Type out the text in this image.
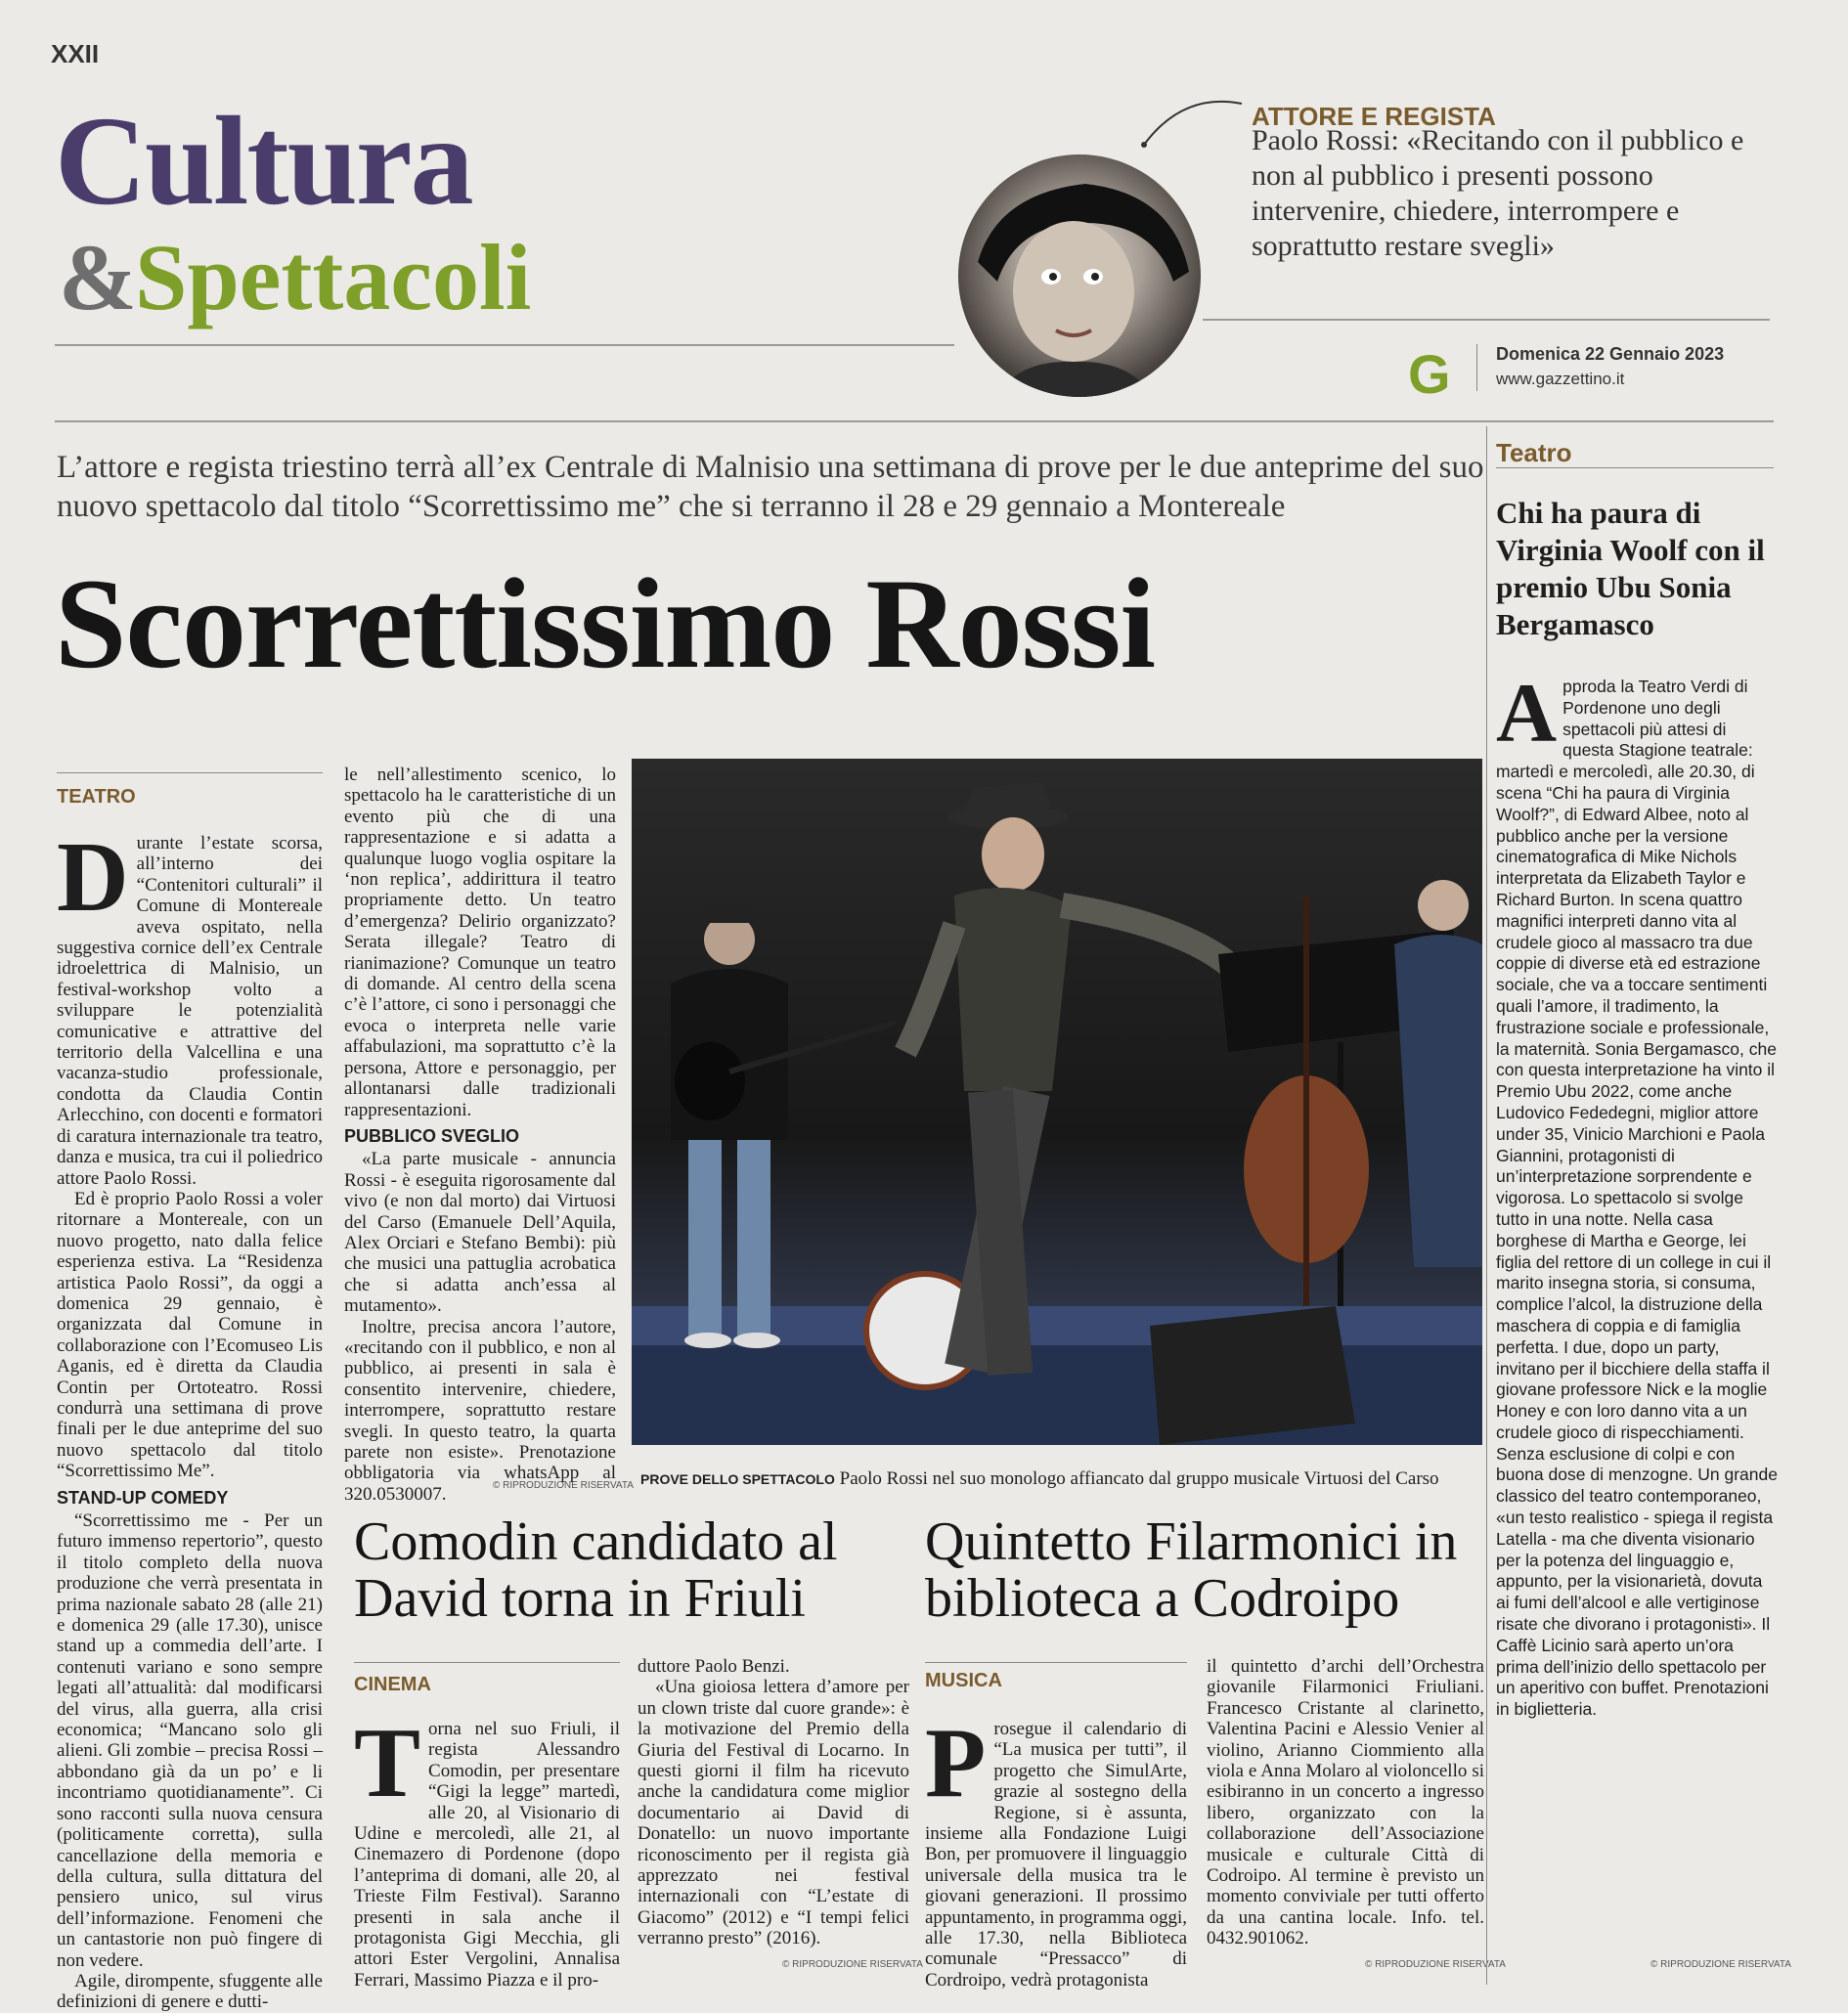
XXII
Cultura
&
Spettacoli
ATTORE E REGISTA
Paolo Rossi: «Recitando con il pubblico e non al pubblico i presenti possono intervenire, chiedere, interrompere e soprattutto restare svegli»
G	Domenica 22 Gennaio 2023
www.gazzettino.it
L’attore e regista triestino terrà all’ex Centrale di Malnisio una settimana di prove per le due anteprime del suo nuovo spettacolo dal titolo “Scorrettissimo me” che si terranno il 28 e 29 gennaio a Montereale
Scorrettissimo Rossi
TEATRO

Durante l’estate scorsa, all’interno dei “Contenitori culturali” il Comune di Montereale aveva ospitato, nella suggestiva cornice dell’ex Centrale idroelettrica di Malnisio, un festival-workshop volto a sviluppare le potenzialità comunicative e attrattive del territorio della Valcellina e una vacanza-studio professionale, condotta da Claudia Contin Arlecchino, con docenti e formatori di caratura internazionale tra teatro, danza e musica, tra cui il poliedrico attore Paolo Rossi.

Ed è proprio Paolo Rossi a voler ritornare a Montereale, con un nuovo progetto, nato dalla felice esperienza estiva. La “Residenza artistica Paolo Rossi”, da oggi a domenica 29 gennaio, è organizzata dal Comune in collaborazione con l’Ecomuseo Lis Aganis, ed è diretta da Claudia Contin per Ortoteatro. Rossi condurrà una settimana di prove finali per le due anteprime del suo nuovo spettacolo dal titolo “Scorrettissimo Me”.

STAND-UP COMEDY

“Scorrettissimo me - Per un futuro immenso repertorio”, questo il titolo completo della nuova produzione che verrà presentata in prima nazionale sabato 28 (alle 21) e domenica 29 (alle 17.30), unisce stand up a commedia dell’arte. I contenuti variano e sono sempre legati all’attualità: dal modificarsi del virus, alla guerra, alla crisi economica; “Mancano solo gli alieni. Gli zombie – precisa Rossi – abbondano già da un po’ e li incontriamo quotidianamente”. Ci sono racconti sulla nuova censura (politicamente corretta), sulla cancellazione della memoria e della cultura, sulla dittatura del pensiero unico, sul virus dell’informazione. Fenomeni che un cantastorie non può fingere di non vedere.

Agile, dirompente, sfuggente alle definizioni di genere e dutti-

le nell’allestimento scenico, lo spettacolo ha le caratteristiche di un evento più che di una rappresentazione e si adatta a qualunque luogo voglia ospitare la ‘non replica’, addirittura il teatro propriamente detto. Un teatro d’emergenza? Delirio organizzato? Serata illegale? Teatro di rianimazione? Comunque un teatro di domande. Al centro della scena c’è l’attore, ci sono i personaggi che evoca o interpreta nelle varie affabulazioni, ma soprattutto c’è la persona, Attore e personaggio, per allontanarsi dalle tradizionali rappresentazioni.

PUBBLICO SVEGLIO

«La parte musicale - annuncia Rossi - è eseguita rigorosamente dal vivo (e non dal morto) dai Virtuosi del Carso (Emanuele Dell’Aquila, Alex Orciari e Stefano Bembi): più che musici una pattuglia acrobatica che si adatta anch’essa al mutamento».

Inoltre, precisa ancora l’autore, «recitando con il pubblico, e non al pubblico, ai presenti in sala è consentito intervenire, chiedere, interrompere, soprattutto restare svegli. In questo teatro, la quarta parete non esiste». Prenotazione obbligatoria via whatsApp al 320.0530007.	© RIPRODUZIONE RISERVATA PROVE DELLO SPETTACOLO Paolo Rossi nel suo monologo affiancato dal gruppo musicale Virtuosi del Carso
Comodin candidato al David torna in Friuli
CINEMA

Torna nel suo Friuli, il regista Alessandro Comodin, per presentare “Gigi la legge” martedì, alle 20, al Visionario di Udine e mercoledì, alle 21, al Cinemazero di Pordenone (dopo l’anteprima di domani, alle 20, al Trieste Film Festival). Saranno presenti in sala anche il protagonista Gigi Mecchia, gli attori Ester Vergolini, Annalisa Ferrari, Massimo Piazza e il pro-

duttore Paolo Benzi.

«Una gioiosa lettera d’amore per un clown triste dal cuore grande»: è la motivazione del Premio della Giuria del Festival di Locarno. In questi giorni il film ha ricevuto anche la candidatura come miglior documentario ai David di Donatello: un nuovo importante riconoscimento per il regista già apprezzato nei festival internazionali con “L’estate di Giacomo” (2012) e “I tempi felici verranno presto” (2016).

© RIPRODUZIONE RISERVATA
Quintetto Filarmonici in biblioteca a Codroipo
MUSICA

Prosegue il calendario di “La musica per tutti”, il progetto che SimulArte, grazie al sostegno della Regione, si è assunta, insieme alla Fondazione Luigi Bon, per promuovere il linguaggio universale della musica tra le giovani generazioni. Il prossimo appuntamento, in programma oggi, alle 17.30, nella Biblioteca comunale “Pressacco” di Cordroipo, vedrà protagonista

il quintetto d’archi dell’Orchestra giovanile Filarmonici Friuliani. Francesco Cristante al clarinetto, Valentina Pacini e Alessio Venier al violino, Arianno Ciommiento alla viola e Anna Molaro al violoncello si esibiranno in un concerto a ingresso libero, organizzato con la collaborazione dell’Associazione musicale e culturale Città di Codroipo. Al termine è previsto un momento conviviale per tutti offerto da una cantina locale. Info. tel. 0432.901062.

© RIPRODUZIONE RISERVATA
Teatro
Chi ha paura di Virginia Woolf con il premio Ubu Sonia Bergamasco
Approda la Teatro Verdi di Pordenone uno degli spettacoli più attesi di questa Stagione teatrale: martedì e mercoledì, alle 20.30, di scena “Chi ha paura di Virginia Woolf?”, di Edward Albee, noto al pubblico anche per la versione cinematografica di Mike Nichols interpretata da Elizabeth Taylor e Richard Burton. In scena quattro magnifici interpreti danno vita al crudele gioco al massacro tra due coppie di diverse età ed estrazione sociale, che va a toccare sentimenti quali l’amore, il tradimento, la frustrazione sociale e professionale, la maternità. Sonia Bergamasco, che con questa interpretazione ha vinto il Premio Ubu 2022, come anche Ludovico Fededegni, miglior attore under 35, Vinicio Marchioni e Paola Giannini, protagonisti di un’interpretazione sorprendente e vigorosa. Lo spettacolo si svolge tutto in una notte. Nella casa borghese di Martha e George, lei figlia del rettore di un college in cui il marito insegna storia, si consuma, complice l’alcol, la distruzione della maschera di coppia e di famiglia perfetta. I due, dopo un party, invitano per il bicchiere della staffa il giovane professore Nick e la moglie Honey e con loro danno vita a un crudele gioco di rispecchiamenti. Senza esclusione di colpi e con buona dose di menzogne. Un grande classico del teatro contemporaneo, «un testo realistico - spiega il regista Latella - ma che diventa visionario per la potenza del linguaggio e, appunto, per la visionarietà, dovuta ai fumi dell’alcool e alle vertiginose risate che divorano i protagonisti». Il Caffè Licinio sarà aperto un’ora prima dell’inizio dello spettacolo per un aperitivo con buffet. Prenotazioni in biglietteria.
© RIPRODUZIONE RISERVATA
